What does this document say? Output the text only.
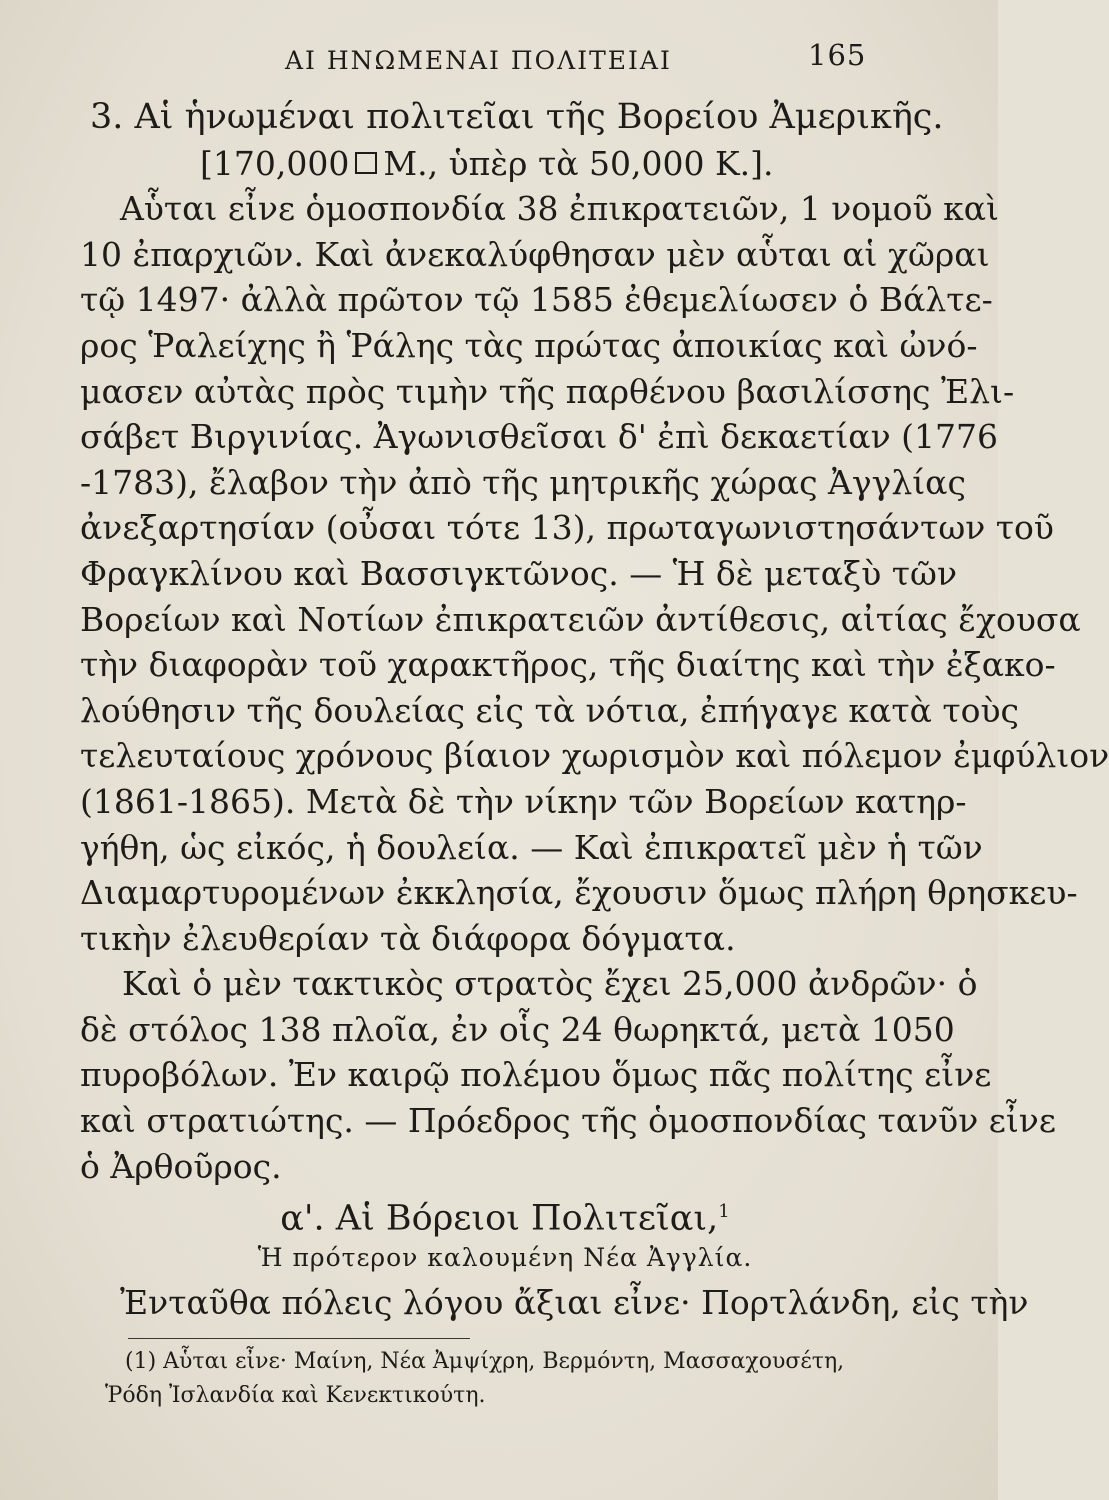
ΑΙ ΗΝΩΜΕΝΑΙ ΠΟΛΙΤΕΙΑΙ	165
3. Αἱ ἡνωμέναι πολιτεῖαι τῆς Βορείου Ἀμερικῆς.
[170,000 M., ὑπὲρ τὰ 50,000 K.].
Αὗται εἶνε ὁμοσπονδία 38 ἐπικρατειῶν, 1 νομοῦ καὶ
10 ἐπαρχιῶν. Καὶ ἀνεκαλύφθησαν μὲν αὗται αἱ χῶραι
τῷ 1497· ἀλλὰ πρῶτον τῷ 1585 ἐθεμελίωσεν ὁ Βάλτε-
ρος Ῥαλείχης ἢ Ῥάλης τὰς πρώτας ἀποικίας καὶ ὠνό-
μασεν αὐτὰς πρὸς τιμὴν τῆς παρθένου βασιλίσσης Ἐλι-
σάβετ Βιργινίας. Ἀγωνισθεῖσαι δ' ἐπὶ δεκαετίαν (1776
-1783), ἔλαβον τὴν ἀπὸ τῆς μητρικῆς χώρας Ἀγγλίας
ἀνεξαρτησίαν (οὖσαι τότε 13), πρωταγωνιστησάντων τοῦ
Φραγκλίνου καὶ Βασσιγκτῶνος. — Ἡ δὲ μεταξὺ τῶν
Βορείων καὶ Νοτίων ἐπικρατειῶν ἀντίθεσις, αἰτίας ἔχουσα
τὴν διαφορὰν τοῦ χαρακτῆρος, τῆς διαίτης καὶ τὴν ἐξακο-
λούθησιν τῆς δουλείας εἰς τὰ νότια, ἐπήγαγε κατὰ τοὺς
τελευταίους χρόνους βίαιον χωρισμὸν καὶ πόλεμον ἐμφύλιον
(1861-1865). Μετὰ δὲ τὴν νίκην τῶν Βορείων κατηρ-
γήθη, ὡς εἰκός, ἡ δουλεία. — Καὶ ἐπικρατεῖ μὲν ἡ τῶν
Διαμαρτυρομένων ἐκκλησία, ἔχουσιν ὅμως πλήρη θρησκευ-
τικὴν ἐλευθερίαν τὰ διάφορα δόγματα.
Καὶ ὁ μὲν τακτικὸς στρατὸς ἔχει 25,000 ἀνδρῶν· ὁ
δὲ στόλος 138 πλοῖα, ἐν οἷς 24 θωρηκτά, μετὰ 1050
πυροβόλων. Ἐν καιρῷ πολέμου ὅμως πᾶς πολίτης εἶνε
καὶ στρατιώτης. — Πρόεδρος τῆς ὁμοσπονδίας τανῦν εἶνε
ὁ Ἀρθοῦρος.
α'. Αἱ Βόρειοι Πολιτεῖαι,$^1$
Ἡ πρότερον καλουμένη Νέα Ἀγγλία.
Ἐνταῦθα πόλεις λόγου ἄξιαι εἶνε· Πορτλάνδη, εἰς τὴν
(1) Αὗται εἶνε· Μαίνη, Νέα Ἀμψίχρη, Βερμόντη, Μασσαχουσέτη,
Ῥόδη Ἰσλανδία καὶ Κενεκτικούτη.
